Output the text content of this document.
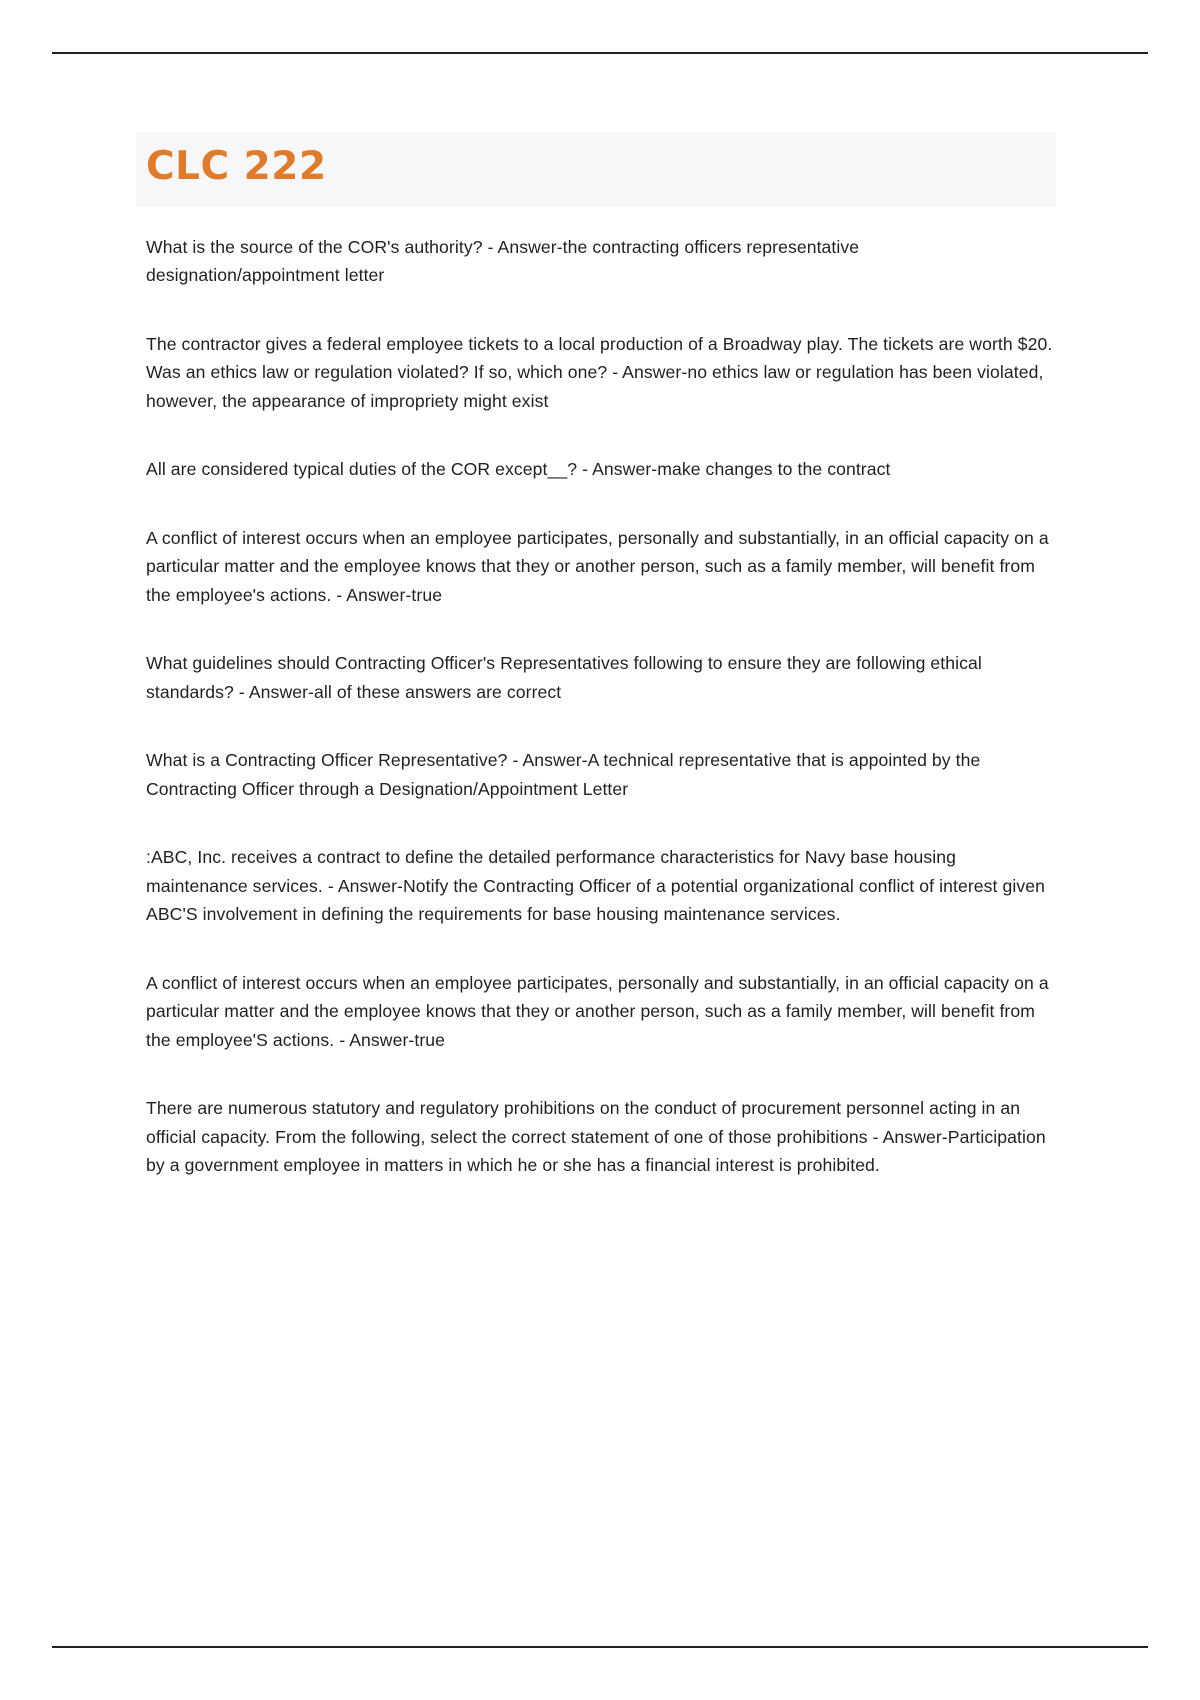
CLC 222

What is the source of the COR's authority? - Answer-the contracting officers representative designation/appointment letter

The contractor gives a federal employee tickets to a local production of a Broadway play. The tickets are worth $20. Was an ethics law or regulation violated? If so, which one? - Answer-no ethics law or regulation has been violated, however, the appearance of impropriety might exist

All are considered typical duties of the COR except__? - Answer-make changes to the contract

A conflict of interest occurs when an employee participates, personally and substantially, in an official capacity on a particular matter and the employee knows that they or another person, such as a family member, will benefit from the employee's actions. - Answer-true

What guidelines should Contracting Officer's Representatives following to ensure they are following ethical standards? - Answer-all of these answers are correct

What is a Contracting Officer Representative? - Answer-A technical representative that is appointed by the Contracting Officer through a Designation/Appointment Letter

:ABC, Inc. receives a contract to define the detailed performance characteristics for Navy base housing maintenance services. - Answer-Notify the Contracting Officer of a potential organizational conflict of interest given ABC'S involvement in defining the requirements for base housing maintenance services.

A conflict of interest occurs when an employee participates, personally and substantially, in an official capacity on a particular matter and the employee knows that they or another person, such as a family member, will benefit from the employee'S actions. - Answer-true

There are numerous statutory and regulatory prohibitions on the conduct of procurement personnel acting in an official capacity. From the following, select the correct statement of one of those prohibitions - Answer-Participation by a government employee in matters in which he or she has a financial interest is prohibited.
